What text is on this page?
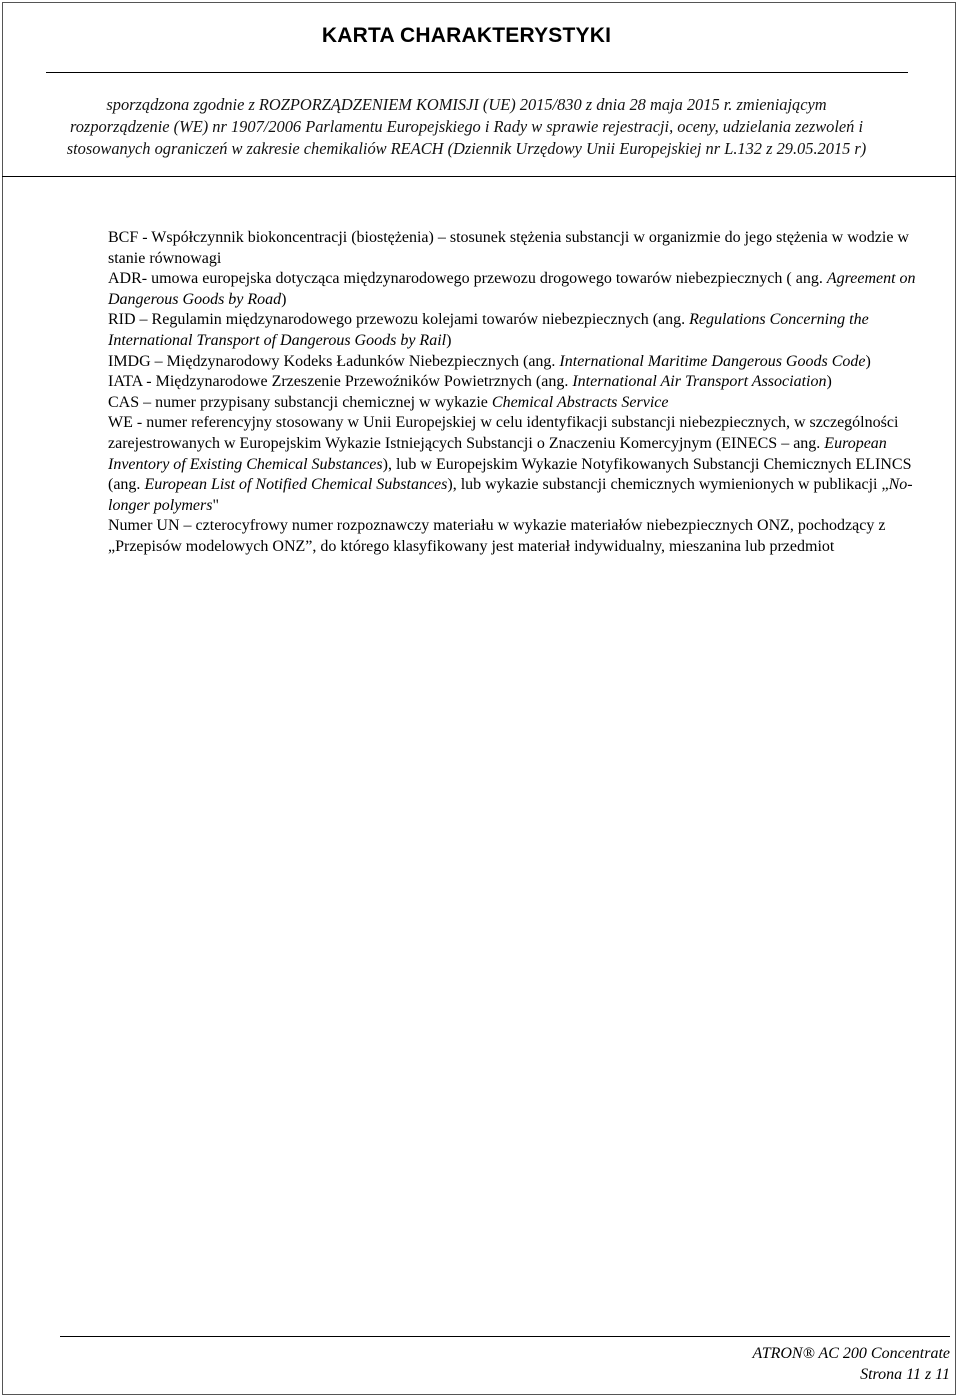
KARTA CHARAKTERYSTYKI
sporządzona zgodnie z ROZPORZĄDZENIEM KOMISJI (UE) 2015/830 z dnia 28 maja 2015 r. zmieniającym
rozporządzenie (WE) nr 1907/2006 Parlamentu Europejskiego i Rady w sprawie rejestracji, oceny, udzielania zezwoleń i
stosowanych ograniczeń w zakresie chemikaliów REACH (Dziennik Urzędowy Unii Europejskiej nr L.132 z 29.05.2015 r)

BCF - Współczynnik biokoncentracji (biostężenia) – stosunek stężenia substancji w organizmie do jego stężenia w wodzie w stanie równowagi

ADR- umowa europejska dotycząca międzynarodowego przewozu drogowego towarów niebezpiecznych ( ang. Agreement on Dangerous Goods by Road)

RID – Regulamin międzynarodowego przewozu kolejami towarów niebezpiecznych (ang. Regulations Concerning the International Transport of Dangerous Goods by Rail)

IMDG – Międzynarodowy Kodeks Ładunków Niebezpiecznych (ang. International Maritime Dangerous Goods Code)

IATA - Międzynarodowe Zrzeszenie Przewoźników Powietrznych (ang. International Air Transport Association)

CAS – numer przypisany substancji chemicznej w wykazie Chemical Abstracts Service

WE - numer referencyjny stosowany w Unii Europejskiej w celu identyfikacji substancji niebezpiecznych, w szczególności zarejestrowanych w Europejskim Wykazie Istniejących Substancji o Znaczeniu Komercyjnym (EINECS – ang. European Inventory of Existing Chemical Substances), lub w Europejskim Wykazie Notyfikowanych Substancji Chemicznych ELINCS (ang. European List of Notified Chemical Substances), lub wykazie substancji chemicznych wymienionych w publikacji „No-longer polymers"

Numer UN – czterocyfrowy numer rozpoznawczy materiału w wykazie materiałów niebezpiecznych ONZ, pochodzący z „Przepisów modelowych ONZ”, do którego klasyfikowany jest materiał indywidualny, mieszanina lub przedmiot

ATRON® AC 200 Concentrate
Strona 11 z 11
